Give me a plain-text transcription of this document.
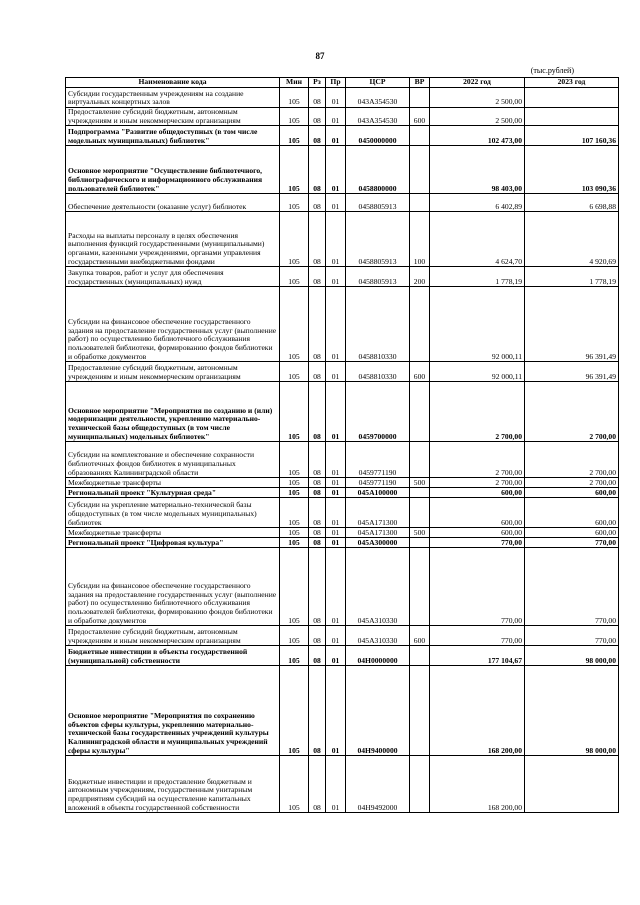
87
(тыс.рублей)
Наименование кода	Мин	Рз	Пр	ЦСР	ВР	2022 год	2023 год
Субсидии государственным учреждениям на создание виртуальных концертных залов	105	08	01	043А354530		2 500,00	
Предоставление субсидий бюджетным, автономным учреждениям и иным некоммерческим организациям	105	08	01	043А354530	600	2 500,00	
Подпрограмма "Развитие общедоступных (в том числе модельных муниципальных) библиотек"	105	08	01	0450000000		102 473,00	107 160,36
Основное мероприятие "Осуществление библиотечного, библиографического и информационного обслуживания пользователей библиотек"	105	08	01	0458800000		98 403,00	103 090,36
Обеспечение деятельности (оказание услуг) библиотек	105	08	01	0458805913		6 402,89	6 698,88
Расходы на выплаты персоналу в целях обеспечения выполнения функций государственными (муниципальными) органами, казенными учреждениями, органами управления государственными внебюджетными фондами	105	08	01	0458805913	100	4 624,70	4 920,69
Закупка товаров, работ и услуг для обеспечения государственных (муниципальных) нужд	105	08	01	0458805913	200	1 778,19	1 778,19
Субсидии на финансовое обеспечение государственного задания на предоставление государственных услуг (выполнение работ) по осуществлению библиотечного обслуживания пользователей библиотеки, формированию фондов библиотеки и обработке документов	105	08	01	0458810330		92 000,11	96 391,49
Предоставление субсидий бюджетным, автономным учреждениям и иным некоммерческим организациям	105	08	01	0458810330	600	92 000,11	96 391,49
Основное мероприятие "Мероприятия по созданию и (или) модернизации деятельности, укреплению материально-технической базы общедоступных (в том числе муниципальных) модельных библиотек"	105	08	01	0459700000		2 700,00	2 700,00
Субсидии на комплектование и обеспечение сохранности библиотечных фондов библиотек в муниципальных образованиях Калининградской области	105	08	01	0459771190		2 700,00	2 700,00
Межбюджетные трансферты	105	08	01	0459771190	500	2 700,00	2 700,00
Региональный проект "Культурная среда"	105	08	01	045А100000		600,00	600,00
Субсидии на укрепление материально-технической базы общедоступных (в том числе модельных муниципальных) библиотек	105	08	01	045А171300		600,00	600,00
Межбюджетные трансферты	105	08	01	045А171300	500	600,00	600,00
Региональный проект "Цифровая культура"	105	08	01	045А300000		770,00	770,00
Субсидии на финансовое обеспечение государственного задания на предоставление государственных услуг (выполнение работ) по осуществлению библиотечного обслуживания пользователей библиотеки, формированию фондов библиотеки и обработке документов	105	08	01	045А310330		770,00	770,00
Предоставление субсидий бюджетным, автономным учреждениям и иным некоммерческим организациям	105	08	01	045А310330	600	770,00	770,00
Бюджетные инвестиции в объекты государственной (муниципальной) собственности	105	08	01	04Н0000000		177 104,67	98 000,00
Основное мероприятие "Мероприятия по сохранению объектов сферы культуры, укреплению материально-технической базы государственных учреждений культуры Калининградской области и муниципальных учреждений сферы культуры"	105	08	01	04Н9400000		168 200,00	98 000,00
Бюджетные инвестиции и предоставление бюджетным и автономным учреждениям, государственным унитарным предприятиям субсидий на осуществление капитальных вложений в объекты государственной собственности	105	08	01	04Н9492000		168 200,00	
